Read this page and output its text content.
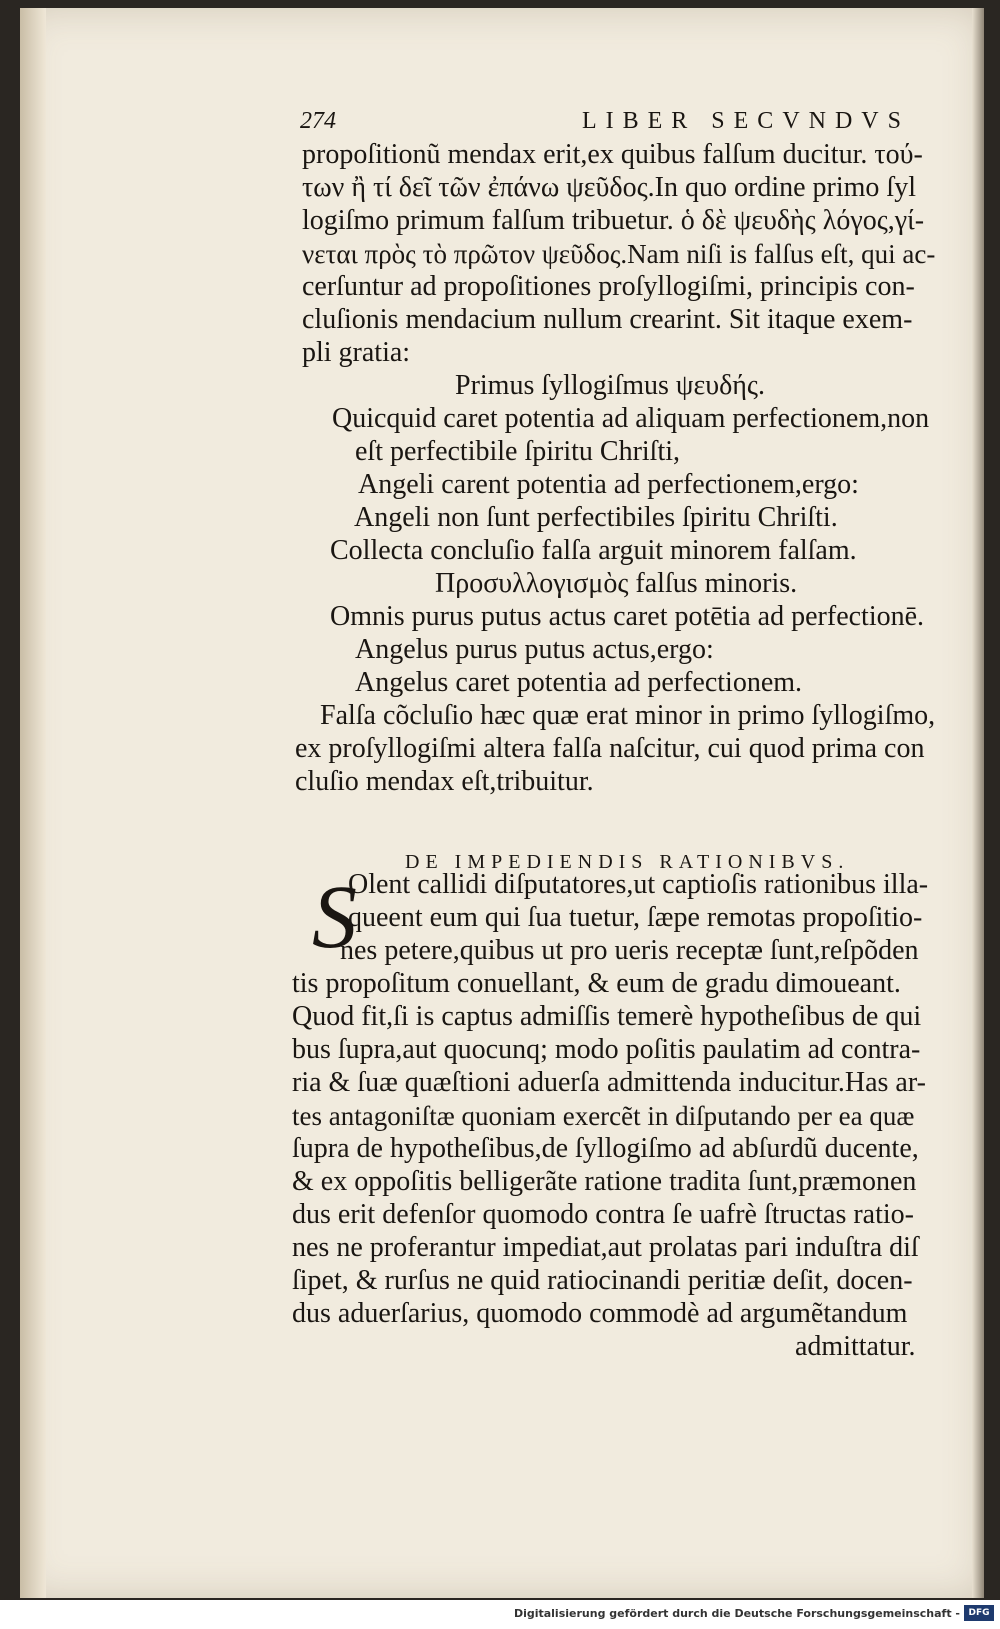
274	LIBER SECVNDVS
propoſitionũ mendax erit,ex quibus falſum ducitur. τού-
των ἢ τί δεῖ τῶν ἐπάνω ψεῦδος.In quo ordine primo ſyl
logiſmo primum falſum tribuetur. ὁ δὲ ψευδὴς λόγος,γί-
νεται πρὸς τὸ πρῶτον ψεῦδος.Nam niſi is falſus eſt, qui ac-
cerſuntur ad propoſitiones proſyllogiſmi, principis con-
cluſionis mendacium nullum crearint. Sit itaque exem-
pli gratia:
Primus ſyllogiſmus ψευδής.
Quicquid caret potentia ad aliquam perfectionem,non
eſt perfectibile ſpiritu Chriſti,
Angeli carent potentia ad perfectionem,ergo:
Angeli non ſunt perfectibiles ſpiritu Chriſti.
Collecta concluſio falſa arguit minorem falſam.
Προσυλλογισμὸς falſus minoris.
Omnis purus putus actus caret potētia ad perfectionē.
Angelus purus putus actus,ergo:
Angelus caret potentia ad perfectionem.
Falſa cõcluſio hæc quæ erat minor in primo ſyllogiſmo,
ex proſyllogiſmi altera falſa naſcitur, cui quod prima con
cluſio mendax eſt,tribuitur.
DE IMPEDIENDIS RATIONIBVS.
S
Olent callidi diſputatores,ut captioſis rationibus illa-
queent eum qui ſua tuetur, ſæpe remotas propoſitio-
nes petere,quibus ut pro ueris receptæ ſunt,reſpõden
tis propoſitum conuellant, & eum de gradu dimoueant.
Quod fit,ſi is captus admiſſis temerè hypotheſibus de qui
bus ſupra,aut quocunq; modo poſitis paulatim ad contra-
ria & ſuæ quæſtioni aduerſa admittenda inducitur.Has ar-
tes antagoniſtæ quoniam exercẽt in diſputando per ea quæ
ſupra de hypotheſibus,de ſyllogiſmo ad abſurdũ ducente,
& ex oppoſitis belligerãte ratione tradita ſunt,præmonen
dus erit defenſor quomodo contra ſe uafrè ſtructas ratio-
nes ne proferantur impediat,aut prolatas pari induſtra diſ
ſipet, & rurſus ne quid ratiocinandi peritiæ deſit, docen-
dus aduerſarius, quomodo commodè ad argumẽtandum
admittatur.
Digitalisierung gefördert durch die Deutsche Forschungsgemeinschaft - DFG
